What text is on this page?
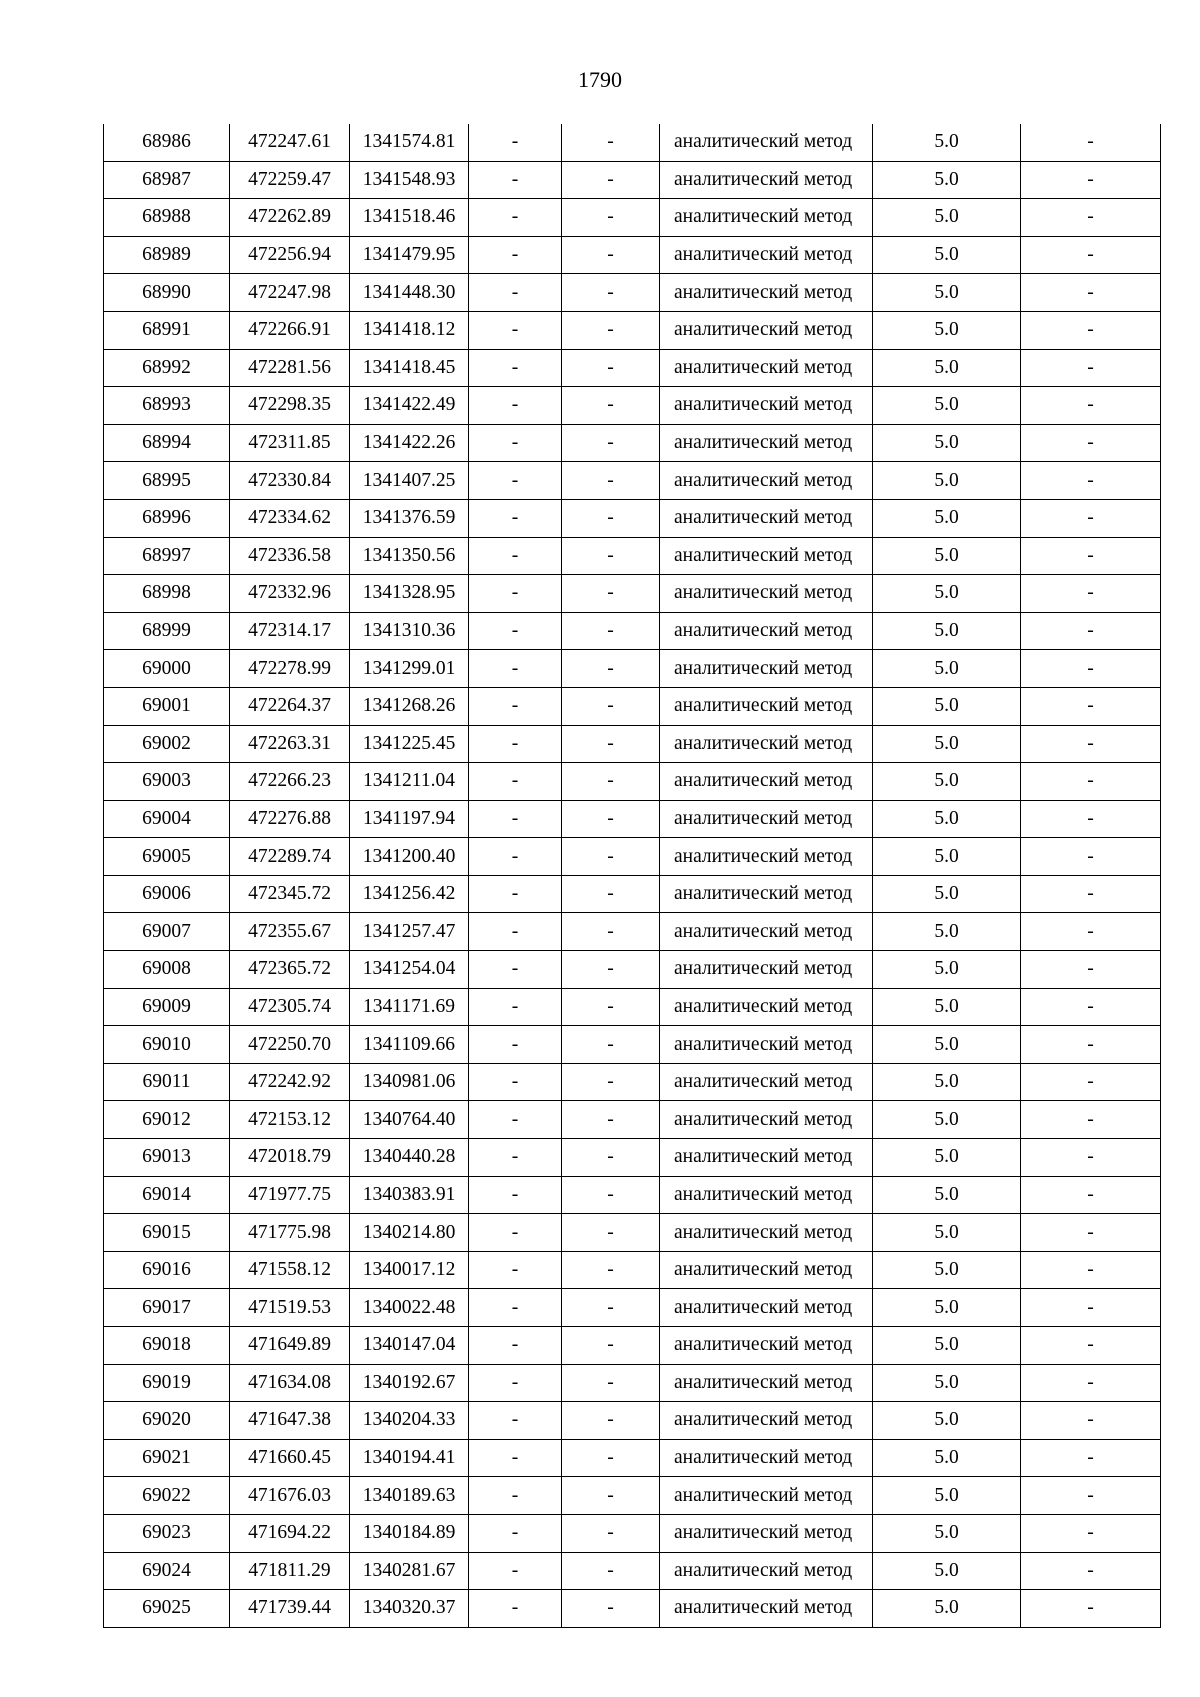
1790
68986	472247.61	1341574.81	-	-	аналитический метод	5.0	-
68987	472259.47	1341548.93	-	-	аналитический метод	5.0	-
68988	472262.89	1341518.46	-	-	аналитический метод	5.0	-
68989	472256.94	1341479.95	-	-	аналитический метод	5.0	-
68990	472247.98	1341448.30	-	-	аналитический метод	5.0	-
68991	472266.91	1341418.12	-	-	аналитический метод	5.0	-
68992	472281.56	1341418.45	-	-	аналитический метод	5.0	-
68993	472298.35	1341422.49	-	-	аналитический метод	5.0	-
68994	472311.85	1341422.26	-	-	аналитический метод	5.0	-
68995	472330.84	1341407.25	-	-	аналитический метод	5.0	-
68996	472334.62	1341376.59	-	-	аналитический метод	5.0	-
68997	472336.58	1341350.56	-	-	аналитический метод	5.0	-
68998	472332.96	1341328.95	-	-	аналитический метод	5.0	-
68999	472314.17	1341310.36	-	-	аналитический метод	5.0	-
69000	472278.99	1341299.01	-	-	аналитический метод	5.0	-
69001	472264.37	1341268.26	-	-	аналитический метод	5.0	-
69002	472263.31	1341225.45	-	-	аналитический метод	5.0	-
69003	472266.23	1341211.04	-	-	аналитический метод	5.0	-
69004	472276.88	1341197.94	-	-	аналитический метод	5.0	-
69005	472289.74	1341200.40	-	-	аналитический метод	5.0	-
69006	472345.72	1341256.42	-	-	аналитический метод	5.0	-
69007	472355.67	1341257.47	-	-	аналитический метод	5.0	-
69008	472365.72	1341254.04	-	-	аналитический метод	5.0	-
69009	472305.74	1341171.69	-	-	аналитический метод	5.0	-
69010	472250.70	1341109.66	-	-	аналитический метод	5.0	-
69011	472242.92	1340981.06	-	-	аналитический метод	5.0	-
69012	472153.12	1340764.40	-	-	аналитический метод	5.0	-
69013	472018.79	1340440.28	-	-	аналитический метод	5.0	-
69014	471977.75	1340383.91	-	-	аналитический метод	5.0	-
69015	471775.98	1340214.80	-	-	аналитический метод	5.0	-
69016	471558.12	1340017.12	-	-	аналитический метод	5.0	-
69017	471519.53	1340022.48	-	-	аналитический метод	5.0	-
69018	471649.89	1340147.04	-	-	аналитический метод	5.0	-
69019	471634.08	1340192.67	-	-	аналитический метод	5.0	-
69020	471647.38	1340204.33	-	-	аналитический метод	5.0	-
69021	471660.45	1340194.41	-	-	аналитический метод	5.0	-
69022	471676.03	1340189.63	-	-	аналитический метод	5.0	-
69023	471694.22	1340184.89	-	-	аналитический метод	5.0	-
69024	471811.29	1340281.67	-	-	аналитический метод	5.0	-
69025	471739.44	1340320.37	-	-	аналитический метод	5.0	-
